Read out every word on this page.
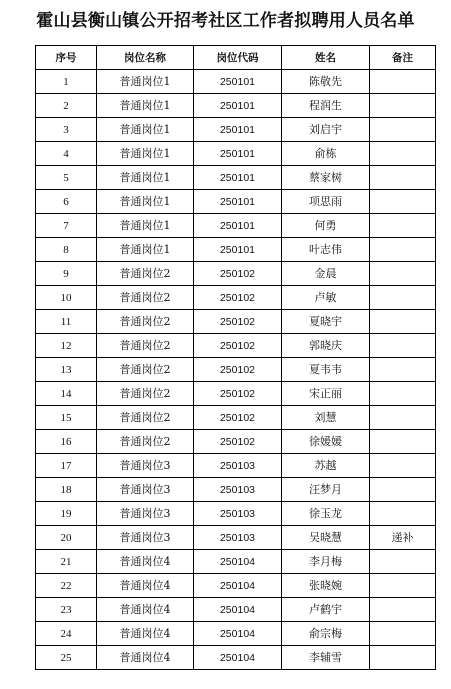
霍山县衡山镇公开招考社区工作者拟聘用人员名单
序号	岗位名称	岗位代码	姓名	备注
1	普通岗位1	250101	陈敬先	
2	普通岗位1	250101	程润生	
3	普通岗位1	250101	刘启宇	
4	普通岗位1	250101	俞栋	
5	普通岗位1	250101	蔡家树	
6	普通岗位1	250101	项思雨	
7	普通岗位1	250101	何勇	
8	普通岗位1	250101	叶志伟	
9	普通岗位2	250102	金晨	
10	普通岗位2	250102	卢敏	
11	普通岗位2	250102	夏晓宇	
12	普通岗位2	250102	郭晓庆	
13	普通岗位2	250102	夏韦韦	
14	普通岗位2	250102	宋正丽	
15	普通岗位2	250102	刘慧	
16	普通岗位2	250102	徐媛媛	
17	普通岗位3	250103	苏越	
18	普通岗位3	250103	汪梦月	
19	普通岗位3	250103	徐玉龙	
20	普通岗位3	250103	吴晓慧	递补
21	普通岗位4	250104	李月梅	
22	普通岗位4	250104	张晓婉	
23	普通岗位4	250104	卢鹤宇	
24	普通岗位4	250104	俞宗梅	
25	普通岗位4	250104	李辅雪	
